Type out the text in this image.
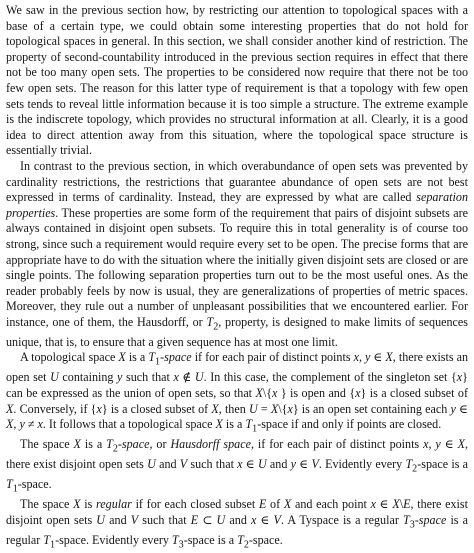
We saw in the previous section how, by restricting our attention to topological spaces with a base of a certain type, we could obtain some interesting properties that do not hold for topological spaces in general. In this section, we shall consider another kind of restriction. The property of second-countability introduced in the previous section requires in effect that there not be too many open sets. The properties to be considered now require that there not be too few open sets. The reason for this latter type of requirement is that a topology with few open sets tends to reveal little information because it is too simple a structure. The extreme example is the indiscrete topology, which provides no structural information at all. Clearly, it is a good idea to direct attention away from this situation, where the topological space structure is essentially trivial.

In contrast to the previous section, in which overabundance of open sets was prevented by cardinality restrictions, the restrictions that guarantee abundance of open sets are not best expressed in terms of cardinality. Instead, they are expressed by what are called separation properties. These properties are some form of the requirement that pairs of disjoint subsets are always contained in disjoint open subsets. To require this in total generality is of course too strong, since such a requirement would require every set to be open. The precise forms that are appropriate have to do with the situation where the initially given disjoint sets are closed or are single points. The following separation properties turn out to be the most useful ones. As the reader probably feels by now is usual, they are generalizations of properties of metric spaces. Moreover, they rule out a number of unpleasant possibilities that we encountered earlier. For instance, one of them, the Hausdorff, or $T_2$, property, is designed to make limits of sequences unique, that is, to ensure that a given sequence has at most one limit.

A topological space X is a $T_1$-space if for each pair of distinct points x, y ∈ X, there exists an open set U containing y such that x ∉ U. In this case, the complement of the singleton set {x} can be expressed as the union of open sets, so that X\{x } is open and {x} is a closed subset of X. Conversely, if {x} is a closed subset of X, then U = X\{x} is an open set containing each y ∈ X, y ≠ x. It follows that a topological space X is a $T_1$-space if and only if points are closed.

The space X is a $T_2$-space, or Hausdorff space, if for each pair of distinct points x, y ∈ X, there exist disjoint open sets U and V such that x ∈ U and y ∈ V. Evidently every $T_2$-space is a $T_1$-space.

The space X is regular if for each closed subset E of X and each point x ∈ X\E, there exist disjoint open sets U and V such that E ⊂ U and x ∈ V. A Tyspace is a regular $T_3$-space is a regular $T_1$-space. Evidently every $T_3$-space is a $T_2$-space.
